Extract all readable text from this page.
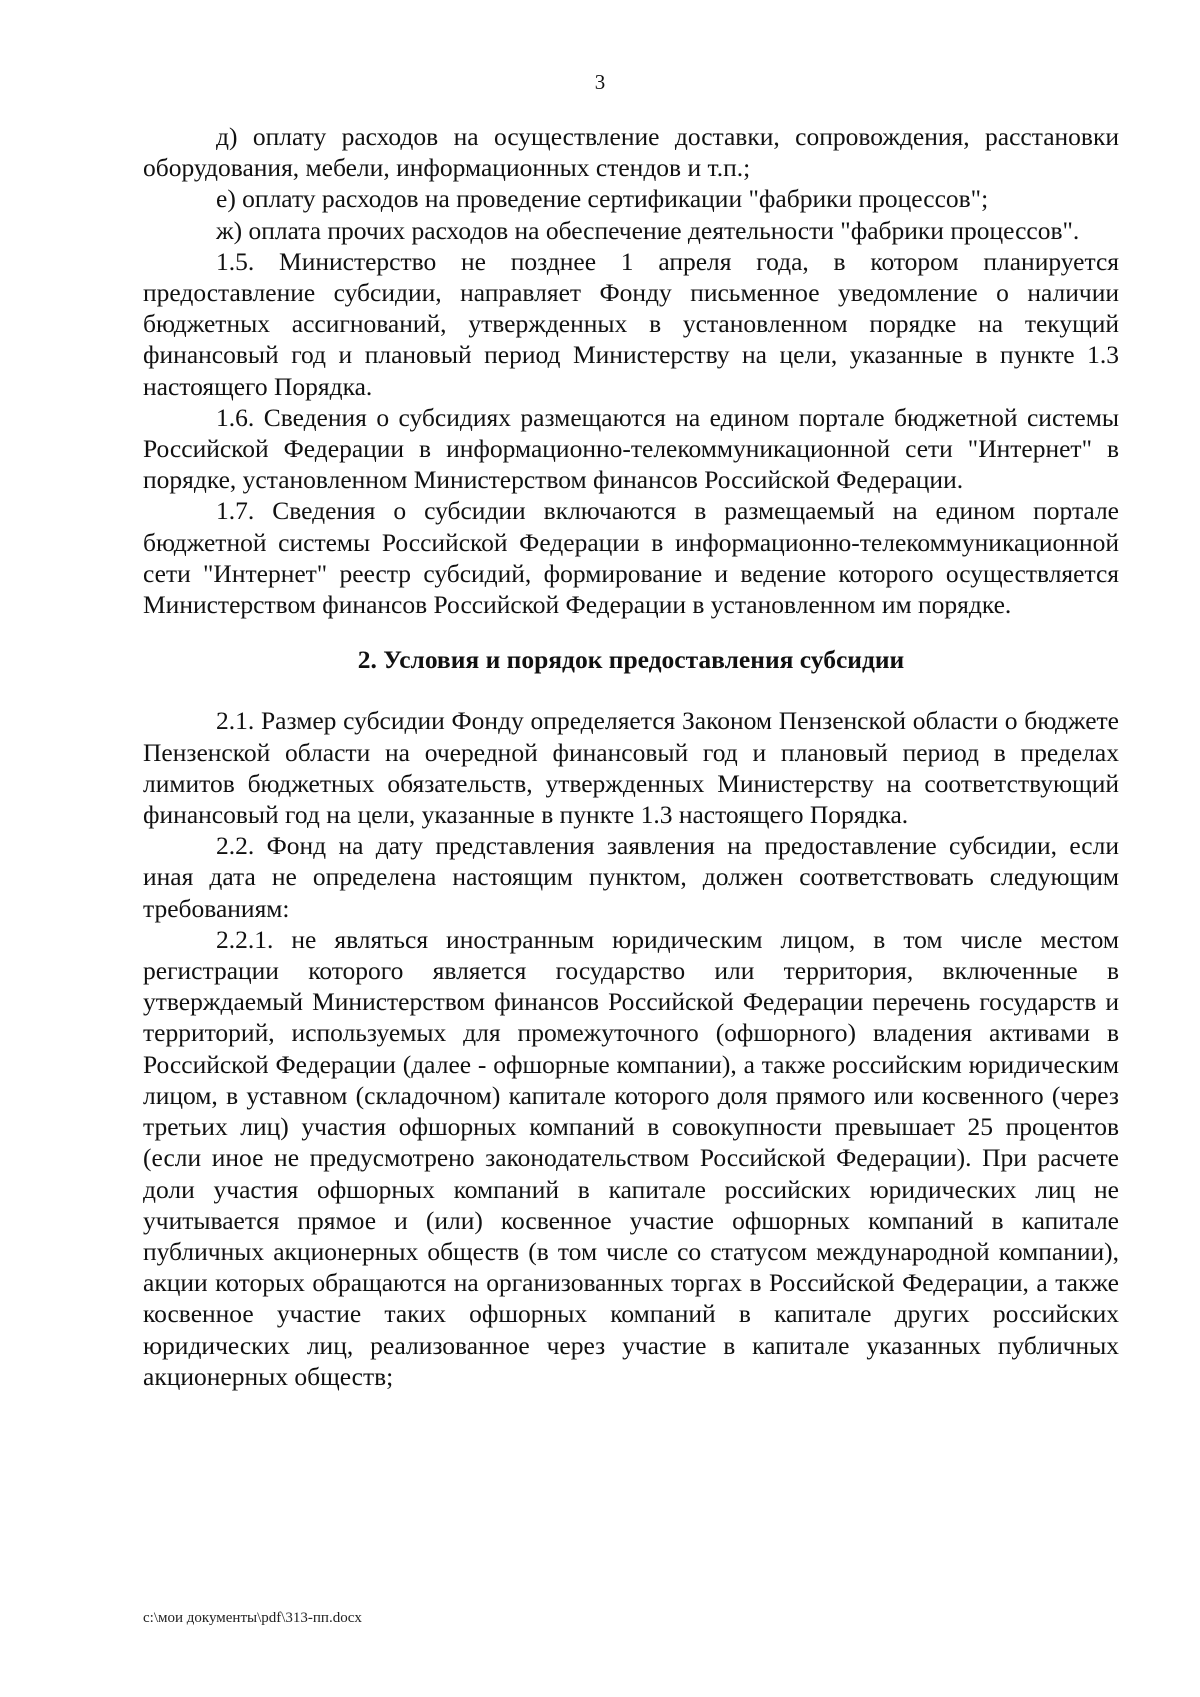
3

д) оплату расходов на осуществление доставки, сопровождения, расстановки оборудования, мебели, информационных стендов и т.п.;

е) оплату расходов на проведение сертификации "фабрики процессов";

ж) оплата прочих расходов на обеспечение деятельности "фабрики процессов".

1.5. Министерство не позднее 1 апреля года, в котором планируется предоставление субсидии, направляет Фонду письменное уведомление о наличии бюджетных ассигнований, утвержденных в установленном порядке на текущий финансовый год и плановый период Министерству на цели, указанные в пункте 1.3 настоящего Порядка.

1.6. Сведения о субсидиях размещаются на едином портале бюджетной системы Российской Федерации в информационно-телекоммуникационной сети "Интернет" в порядке, установленном Министерством финансов Российской Федерации.

1.7. Сведения о субсидии включаются в размещаемый на едином портале бюджетной системы Российской Федерации в информационно-телекоммуникационной сети "Интернет" реестр субсидий, формирование и ведение которого осуществляется Министерством финансов Российской Федерации в установленном им порядке.

2. Условия и порядок предоставления субсидии

2.1. Размер субсидии Фонду определяется Законом Пензенской области о бюджете Пензенской области на очередной финансовый год и плановый период в пределах лимитов бюджетных обязательств, утвержденных Министерству на соответствующий финансовый год на цели, указанные в пункте 1.3 настоящего Порядка.

2.2. Фонд на дату представления заявления на предоставление субсидии, если иная дата не определена настоящим пунктом, должен соответствовать следующим требованиям:

2.2.1. не являться иностранным юридическим лицом, в том числе местом регистрации которого является государство или территория, включенные в утверждаемый Министерством финансов Российской Федерации перечень государств и территорий, используемых для промежуточного (офшорного) владения активами в Российской Федерации (далее - офшорные компании), а также российским юридическим лицом, в уставном (складочном) капитале которого доля прямого или косвенного (через третьих лиц) участия офшорных компаний в совокупности превышает 25 процентов (если иное не предусмотрено законодательством Российской Федерации). При расчете доли участия офшорных компаний в капитале российских юридических лиц не учитывается прямое и (или) косвенное участие офшорных компаний в капитале публичных акционерных обществ (в том числе со статусом международной компании), акции которых обращаются на организованных торгах в Российской Федерации, а также косвенное участие таких офшорных компаний в капитале других российских юридических лиц, реализованное через участие в капитале указанных публичных акционерных обществ;

c:\мои документы\pdf\313-пп.docx
